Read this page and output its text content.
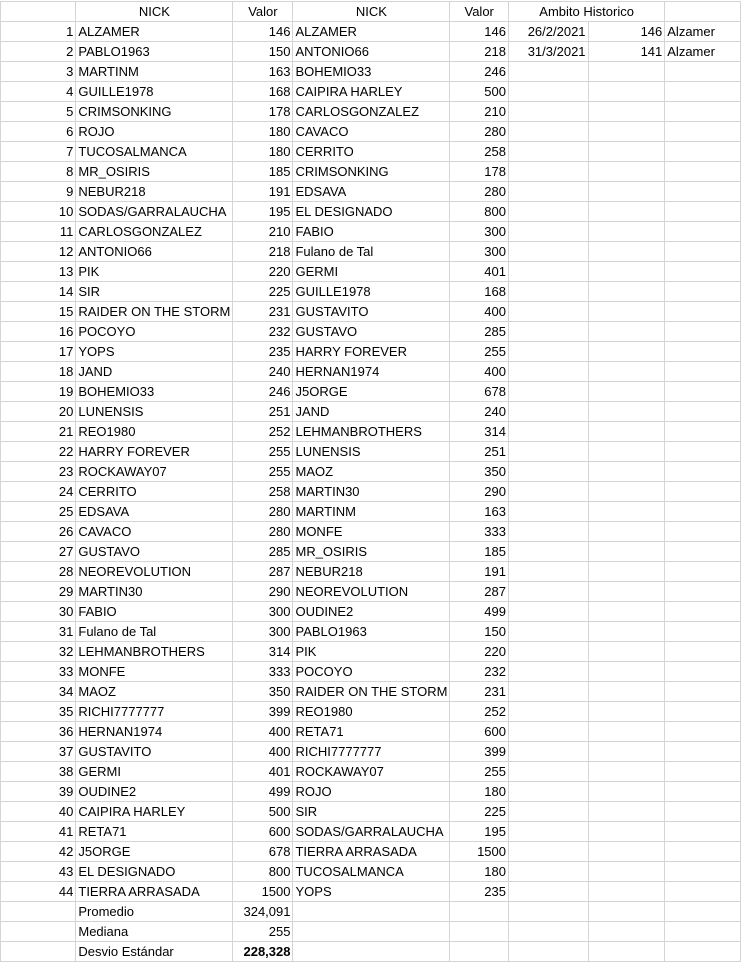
	NICK	Valor	NICK	Valor	Ambito Historico		
1	ALZAMER	146	ALZAMER	146	26/2/2021	146	Alzamer
2	PABLO1963	150	ANTONIO66	218	31/3/2021	141	Alzamer
3	MARTINM	163	BOHEMIO33	246			
4	GUILLE1978	168	CAIPIRA HARLEY	500			
5	CRIMSONKING	178	CARLOSGONZALEZ	210			
6	ROJO	180	CAVACO	280			
7	TUCOSALMANCA	180	CERRITO	258			
8	MR_OSIRIS	185	CRIMSONKING	178			
9	NEBUR218	191	EDSAVA	280			
10	SODAS/GARRALAUCHA	195	EL DESIGNADO	800			
11	CARLOSGONZALEZ	210	FABIO	300			
12	ANTONIO66	218	Fulano de Tal	300			
13	PIK	220	GERMI	401			
14	SIR	225	GUILLE1978	168			
15	RAIDER ON THE STORM	231	GUSTAVITO	400			
16	POCOYO	232	GUSTAVO	285			
17	YOPS	235	HARRY FOREVER	255			
18	JAND	240	HERNAN1974	400			
19	BOHEMIO33	246	J5ORGE	678			
20	LUNENSIS	251	JAND	240			
21	REO1980	252	LEHMANBROTHERS	314			
22	HARRY FOREVER	255	LUNENSIS	251			
23	ROCKAWAY07	255	MAOZ	350			
24	CERRITO	258	MARTIN30	290			
25	EDSAVA	280	MARTINM	163			
26	CAVACO	280	MONFE	333			
27	GUSTAVO	285	MR_OSIRIS	185			
28	NEOREVOLUTION	287	NEBUR218	191			
29	MARTIN30	290	NEOREVOLUTION	287			
30	FABIO	300	OUDINE2	499			
31	Fulano de Tal	300	PABLO1963	150			
32	LEHMANBROTHERS	314	PIK	220			
33	MONFE	333	POCOYO	232			
34	MAOZ	350	RAIDER ON THE STORM	231			
35	RICHI7777777	399	REO1980	252			
36	HERNAN1974	400	RETA71	600			
37	GUSTAVITO	400	RICHI7777777	399			
38	GERMI	401	ROCKAWAY07	255			
39	OUDINE2	499	ROJO	180			
40	CAIPIRA HARLEY	500	SIR	225			
41	RETA71	600	SODAS/GARRALAUCHA	195			
42	J5ORGE	678	TIERRA ARRASADA	1500			
43	EL DESIGNADO	800	TUCOSALMANCA	180			
44	TIERRA ARRASADA	1500	YOPS	235			
	Promedio	324,091					
	Mediana	255					
	Desvio Estándar	228,328					
